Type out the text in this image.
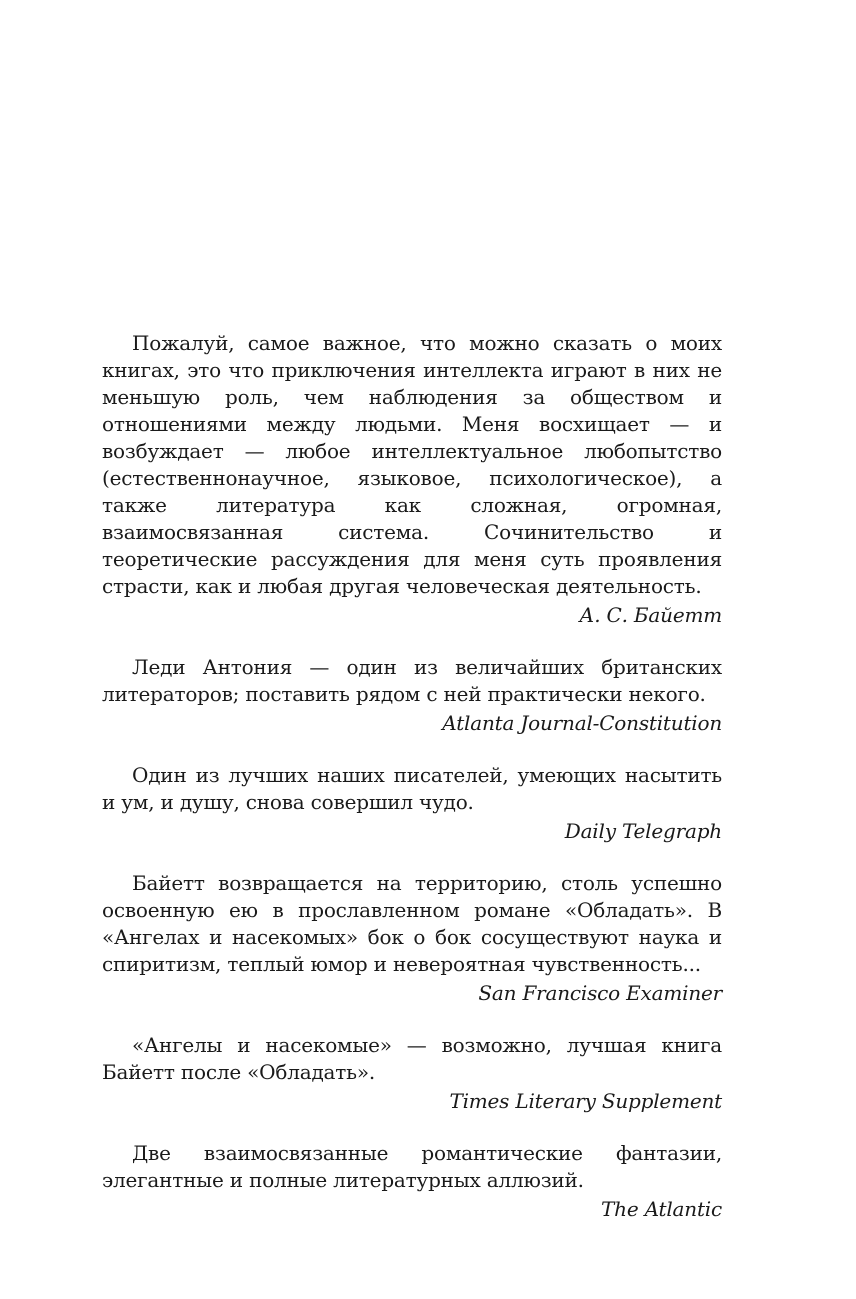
Пожалуй, самое важное, что можно сказать о моих книгах, это что приключения интеллекта играют в них не меньшую роль, чем наблюдения за обществом и отношениями между людьми. Меня восхищает — и возбуждает — любое интеллектуальное любопытство (естественнонаучное, языковое, психологическое), а также литература как сложная, огромная, взаимосвязанная система. Сочинительство и теоретические рассуждения для меня суть проявления страсти, как и любая другая человеческая деятельность.

А. С. Байетт

Леди Антония — один из величайших британских литераторов; поставить рядом с ней практически некого.

Atlanta Journal-Constitution

Один из лучших наших писателей, умеющих насытить и ум, и душу, снова совершил чудо.

Daily Telegraph

Байетт возвращается на территорию, столь успешно освоенную ею в прославленном романе «Обладать». В «Ангелах и насекомых» бок о бок сосуществуют наука и спиритизм, теплый юмор и невероятная чувственность...

San Francisco Examiner

«Ангелы и насекомые» — возможно, лучшая книга Байетт после «Обладать».

Times Literary Supplement

Две взаимосвязанные романтические фантазии, элегантные и полные литературных аллюзий.

The Atlantic
